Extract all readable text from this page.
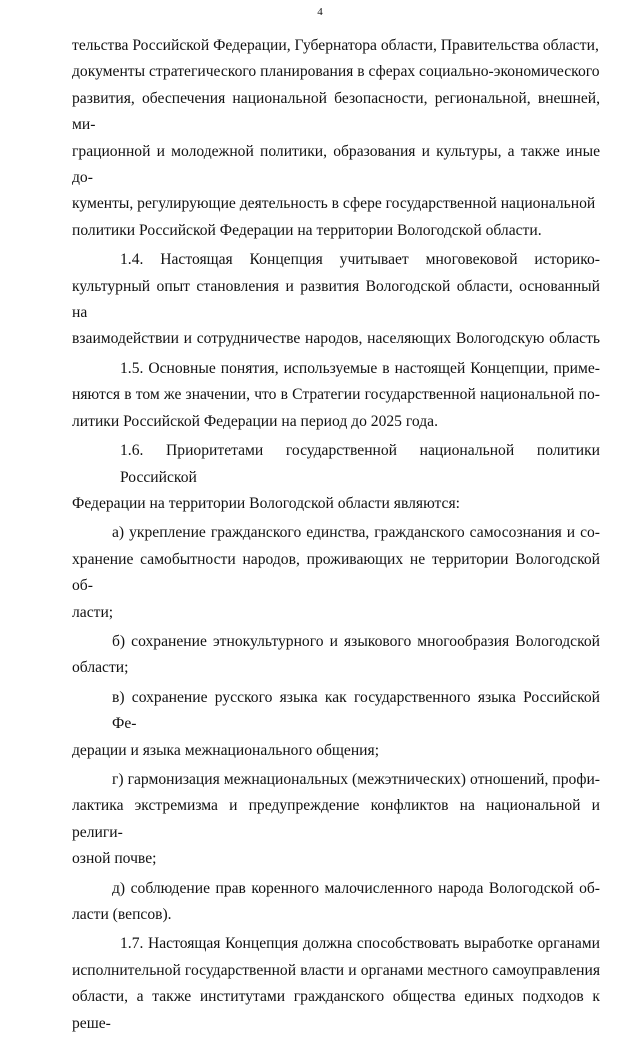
4

тельства Российской Федерации, Губернатора области, Правительства области,
документы стратегического планирования в сферах социально-экономического
развития, обеспечения национальной безопасности, региональной, внешней, ми-
грационной и молодежной политики, образования и культуры, а также иные до-
кументы, регулирующие деятельность в сфере государственной национальной
политики Российской Федерации на территории Вологодской области.

1.4. Настоящая Концепция учитывает многовековой историко-
культурный опыт становления и развития Вологодской области, основанный на
взаимодействии и сотрудничестве народов, населяющих Вологодскую область

1.5. Основные понятия, используемые в настоящей Концепции, приме-
няются в том же значении, что в Стратегии государственной национальной по-
литики Российской Федерации на период до 2025 года.

1.6. Приоритетами государственной национальной политики Российской
Федерации на территории Вологодской области являются:

а) укрепление гражданского единства, гражданского самосознания и со-
хранение самобытности народов, проживающих не территории Вологодской об-
ласти;

б) сохранение этнокультурного и языкового многообразия Вологодской
области;

в) сохранение русского языка как государственного языка Российской Фе-
дерации и языка межнационального общения;

г) гармонизация межнациональных (межэтнических) отношений, профи-
лактика экстремизма и предупреждение конфликтов на национальной и религи-
озной почве;

д) соблюдение прав коренного малочисленного народа Вологодской об-
ласти (вепсов).

1.7. Настоящая Концепция должна способствовать выработке органами
исполнительной государственной власти и органами местного самоуправления
области, а также институтами гражданского общества единых подходов к реше-
